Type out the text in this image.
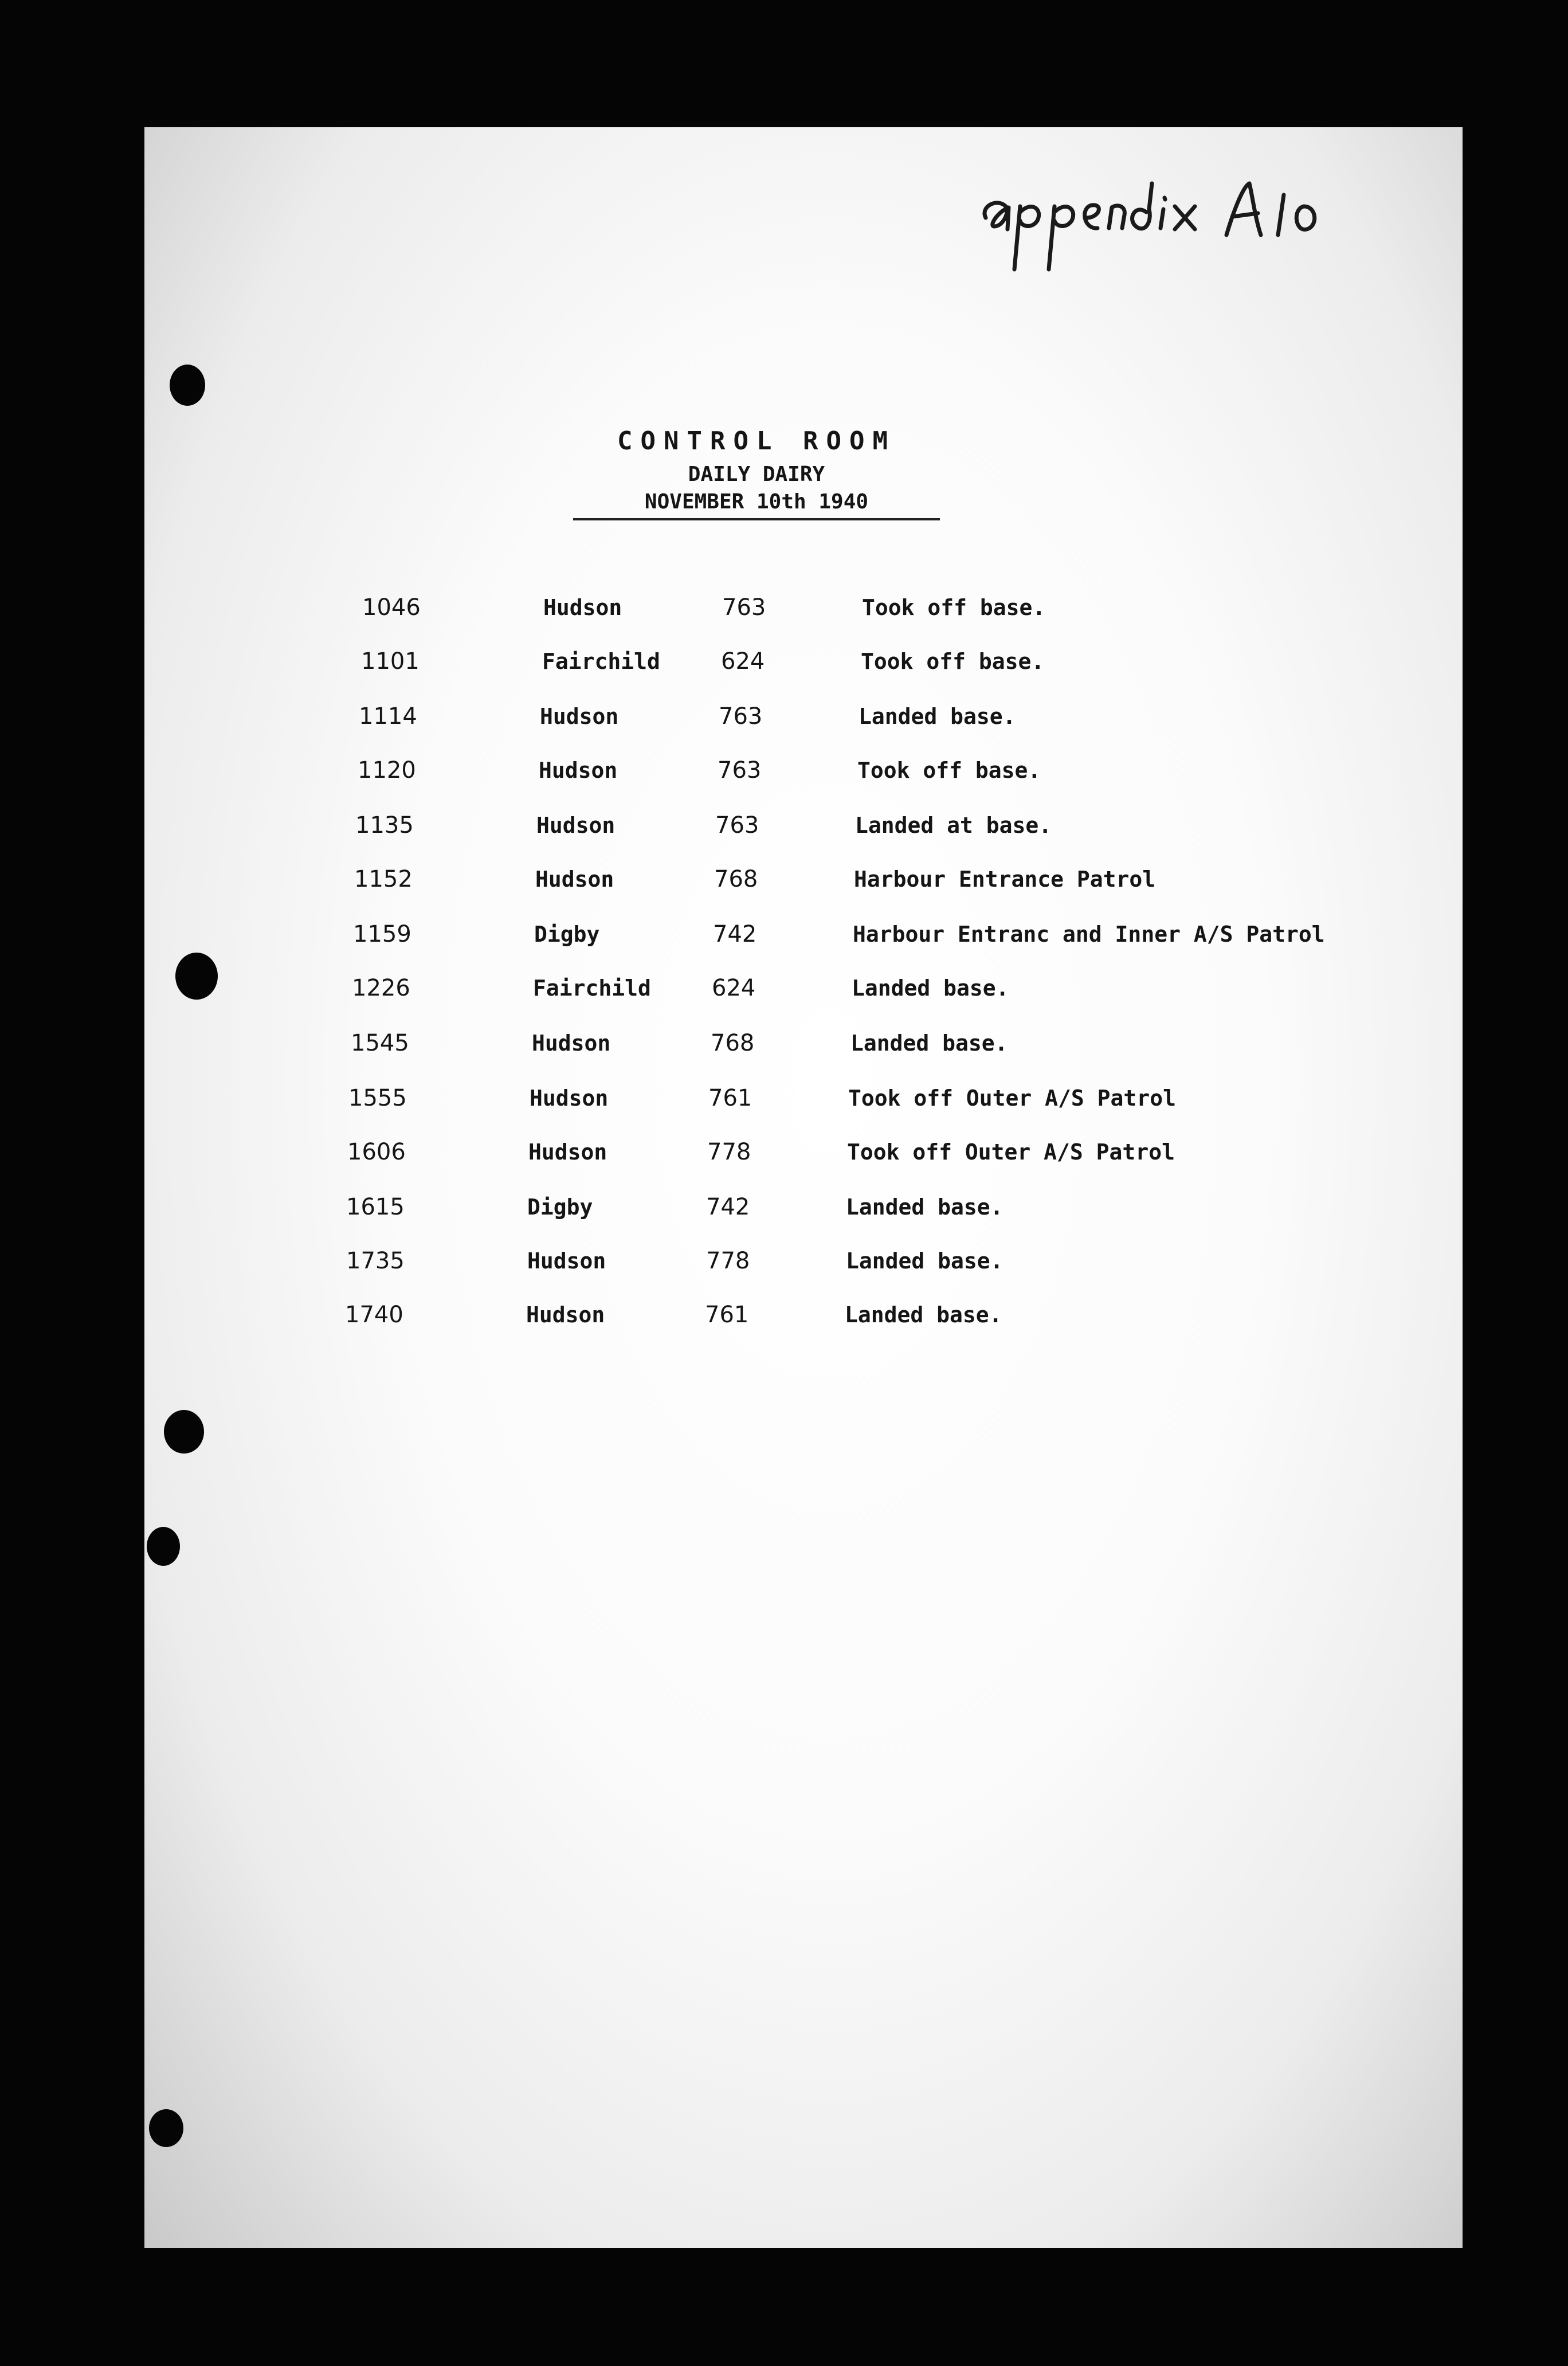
CONTROL ROOM
DAILY DAIRY
NOVEMBER 10th 1940
1046	Hudson	763	Took off base.
1101	Fairchild	624	Took off base.
1114	Hudson	763	Landed base.
1120	Hudson	763	Took off base.
1135	Hudson	763	Landed at base.
1152	Hudson	768	Harbour Entrance Patrol
1159	Digby	742	Harbour Entranc and Inner A/S Patrol
1226	Fairchild	624	Landed base.
1545	Hudson	768	Landed base.
1555	Hudson	761	Took off Outer A/S Patrol
1606	Hudson	778	Took off Outer A/S Patrol
1615	Digby	742	Landed base.
1735	Hudson	778	Landed base.
1740	Hudson	761	Landed base.
